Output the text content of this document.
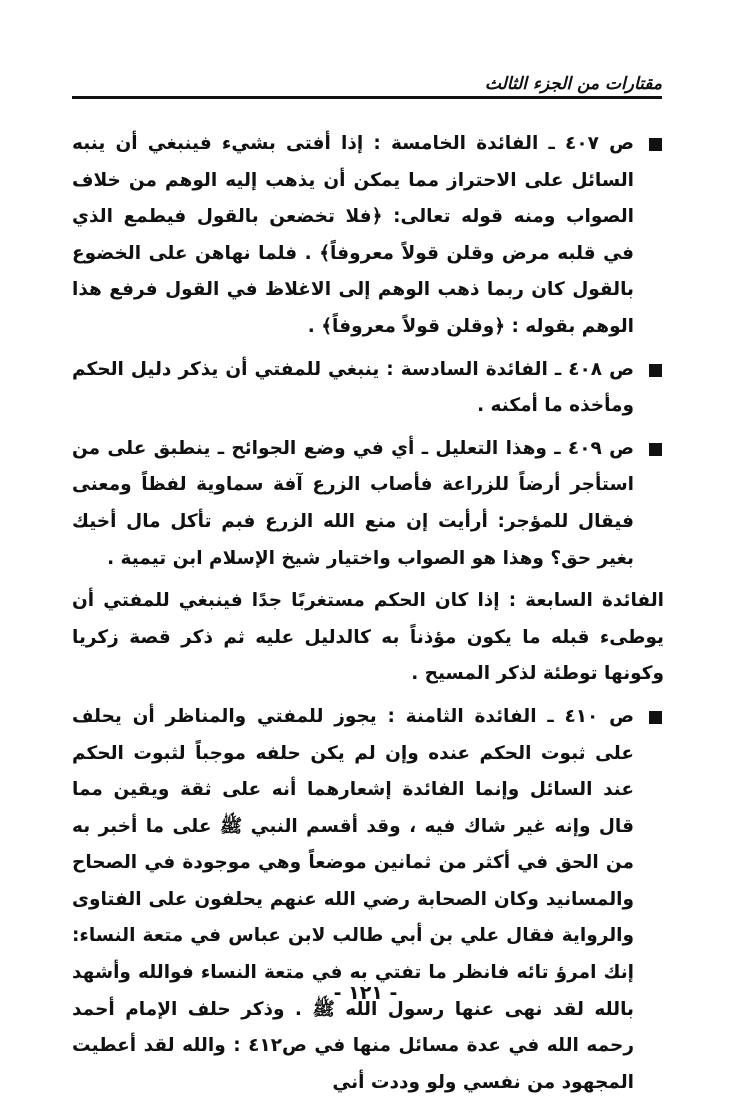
مقتارات من الجزء الثالث

ص ٤٠٧ ـ الفائدة الخامسة : إذا أفتى بشيء فينبغي أن ينبه السائل على الاحتراز مما يمكن أن يذهب إليه الوهم من خلاف الصواب ومنه قوله تعالى: ﴿فلا تخضعن بالقول فيطمع الذي في قلبه مرض وقلن قولاً معروفاً﴾ . فلما نهاهن على الخضوع بالقول كان ربما ذهب الوهم إلى الاغلاظ في القول فرفع هذا الوهم بقوله : ﴿وقلن قولاً معروفاً﴾ .

ص ٤٠٨ ـ الفائدة السادسة : ينبغي للمفتي أن يذكر دليل الحكم ومأخذه ما أمكنه .

ص ٤٠٩ ـ وهذا التعليل ـ أي في وضع الجوائح ـ ينطبق على من استأجر أرضاً للزراعة فأصاب الزرع آفة سماوية لفظاً ومعنى فيقال للمؤجر: أرأيت إن منع الله الزرع فبم تأكل مال أخيك بغير حق؟ وهذا هو الصواب واختيار شيخ الإسلام ابن تيمية .

الفائدة السابعة : إذا كان الحكم مستغربًا جدًا فينبغي للمفتي أن يوطىء قبله ما يكون مؤذناً به كالدليل عليه ثم ذكر قصة زكريا وكونها توطئة لذكر المسيح .

ص ٤١٠ ـ الفائدة الثامنة : يجوز للمفتي والمناظر أن يحلف على ثبوت الحكم عنده وإن لم يكن حلفه موجباً لثبوت الحكم عند السائل وإنما الفائدة إشعارهما أنه على ثقة ويقين مما قال وإنه غير شاك فيه ، وقد أقسم النبي ﷺ على ما أخبر به من الحق في أكثر من ثمانين موضعاً وهي موجودة في الصحاح والمسانيد وكان الصحابة رضي الله عنهم يحلفون على الفتاوى والرواية فقال علي بن أبي طالب لابن عباس في متعة النساء: إنك امرؤ تائه فانظر ما تفتي به في متعة النساء فوالله وأشهد بالله لقد نهى عنها رسول الله ﷺ . وذكر حلف الإمام أحمد رحمه الله في عدة مسائل منها في ص٤١٢ : والله لقد أعطيت المجهود من نفسي ولو وددت أني

- ١٢١ -
